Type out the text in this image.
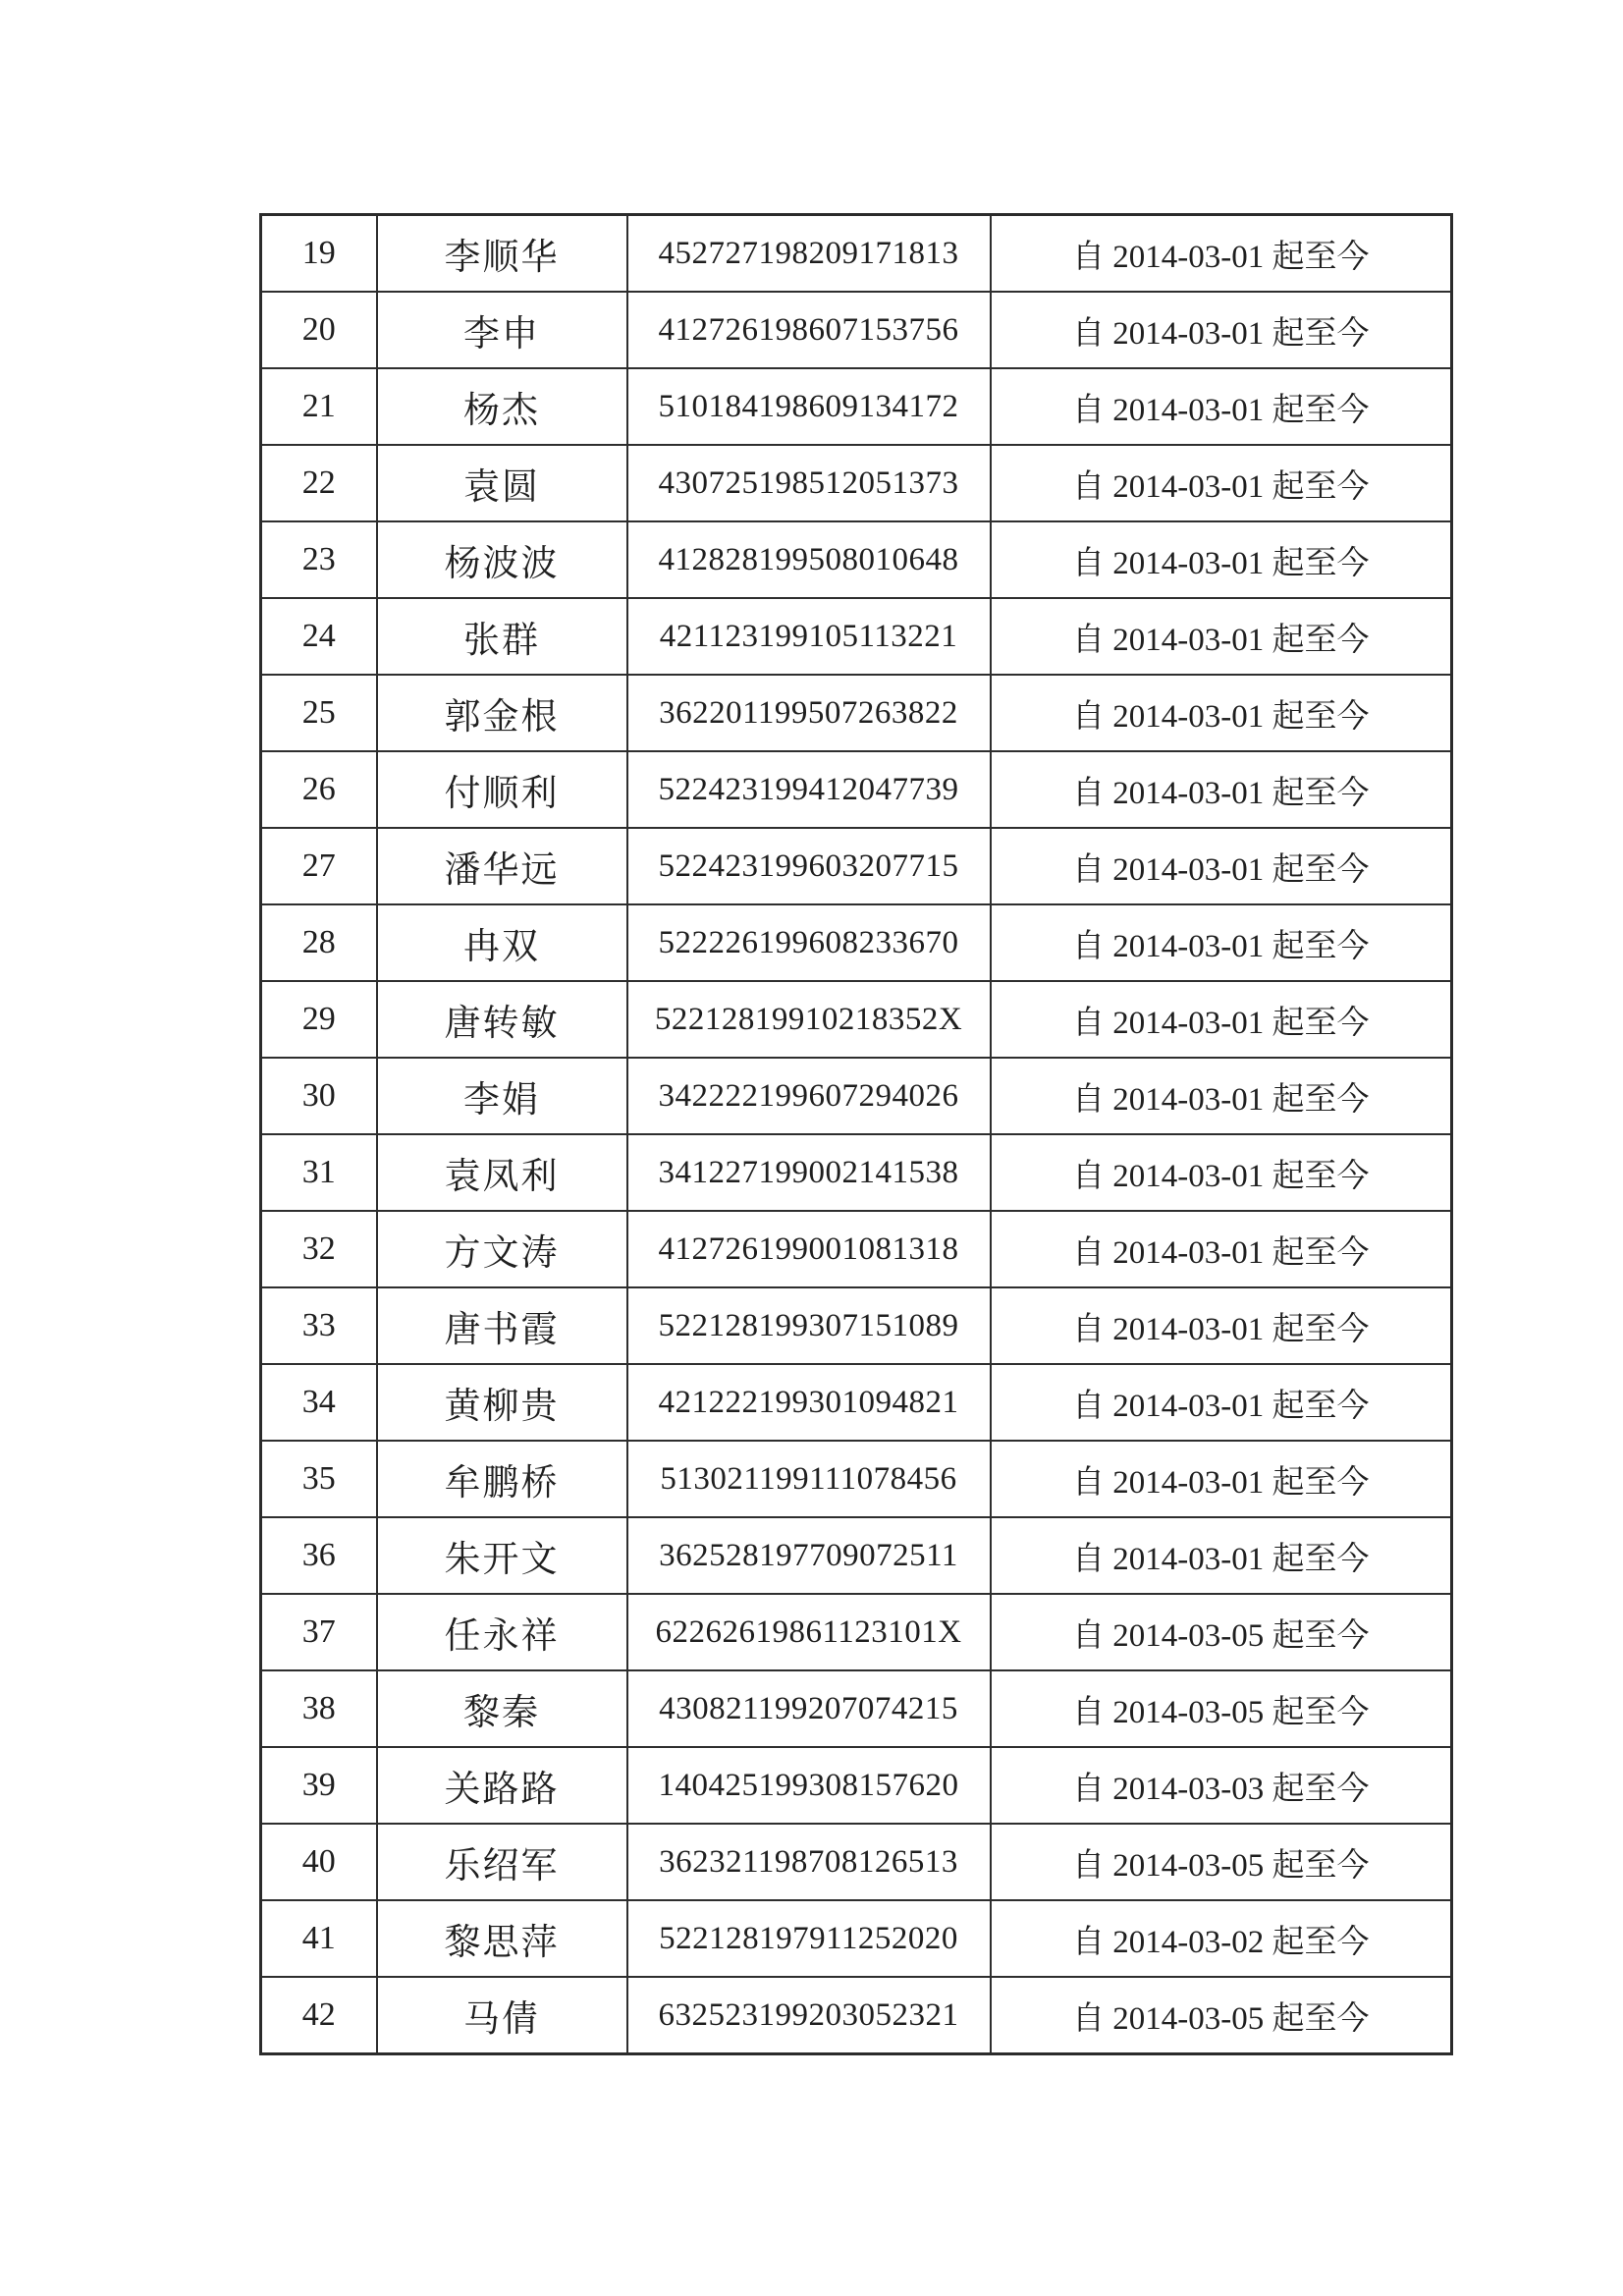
19	李顺华	452727198209171813	自 2014-03-01 起至今
20	李申	412726198607153756	自 2014-03-01 起至今
21	杨杰	510184198609134172	自 2014-03-01 起至今
22	袁圆	430725198512051373	自 2014-03-01 起至今
23	杨波波	412828199508010648	自 2014-03-01 起至今
24	张群	421123199105113221	自 2014-03-01 起至今
25	郭金根	362201199507263822	自 2014-03-01 起至今
26	付顺利	522423199412047739	自 2014-03-01 起至今
27	潘华远	522423199603207715	自 2014-03-01 起至今
28	冉双	522226199608233670	自 2014-03-01 起至今
29	唐转敏	52212819910218352X	自 2014-03-01 起至今
30	李娟	342222199607294026	自 2014-03-01 起至今
31	袁凤利	341227199002141538	自 2014-03-01 起至今
32	方文涛	412726199001081318	自 2014-03-01 起至今
33	唐书霞	522128199307151089	自 2014-03-01 起至今
34	黄柳贵	421222199301094821	自 2014-03-01 起至今
35	牟鹏桥	513021199111078456	自 2014-03-01 起至今
36	朱开文	362528197709072511	自 2014-03-01 起至今
37	任永祥	62262619861123101X	自 2014-03-05 起至今
38	黎秦	430821199207074215	自 2014-03-05 起至今
39	关路路	140425199308157620	自 2014-03-03 起至今
40	乐绍军	362321198708126513	自 2014-03-05 起至今
41	黎思萍	522128197911252020	自 2014-03-02 起至今
42	马倩	632523199203052321	自 2014-03-05 起至今
